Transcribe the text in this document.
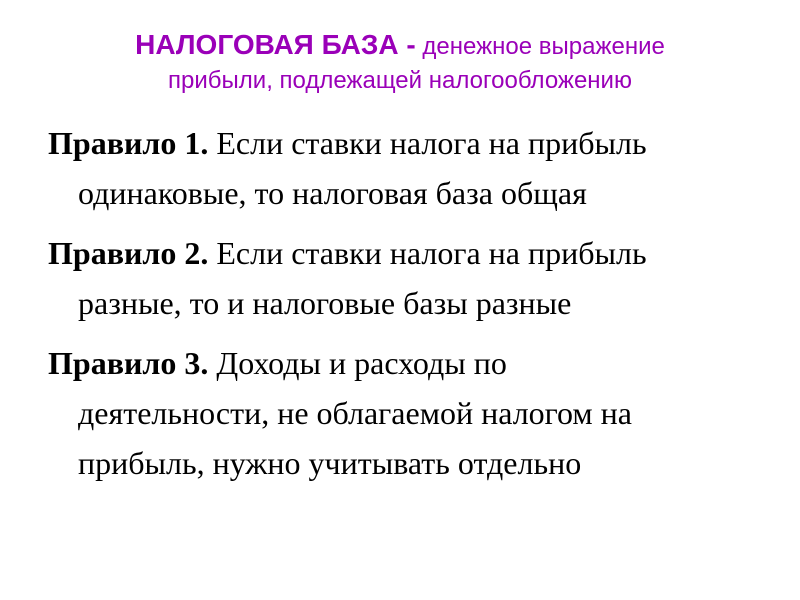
НАЛОГОВАЯ БАЗА - денежное выражение
прибыли, подлежащей налогообложению
Правило 1. Если ставки налога на прибыль
одинаковые, то налоговая база общая
Правило 2. Если ставки налога на прибыль
разные, то и налоговые базы разные
Правило 3. Доходы и расходы по
деятельности, не облагаемой налогом на
прибыль, нужно учитывать отдельно
